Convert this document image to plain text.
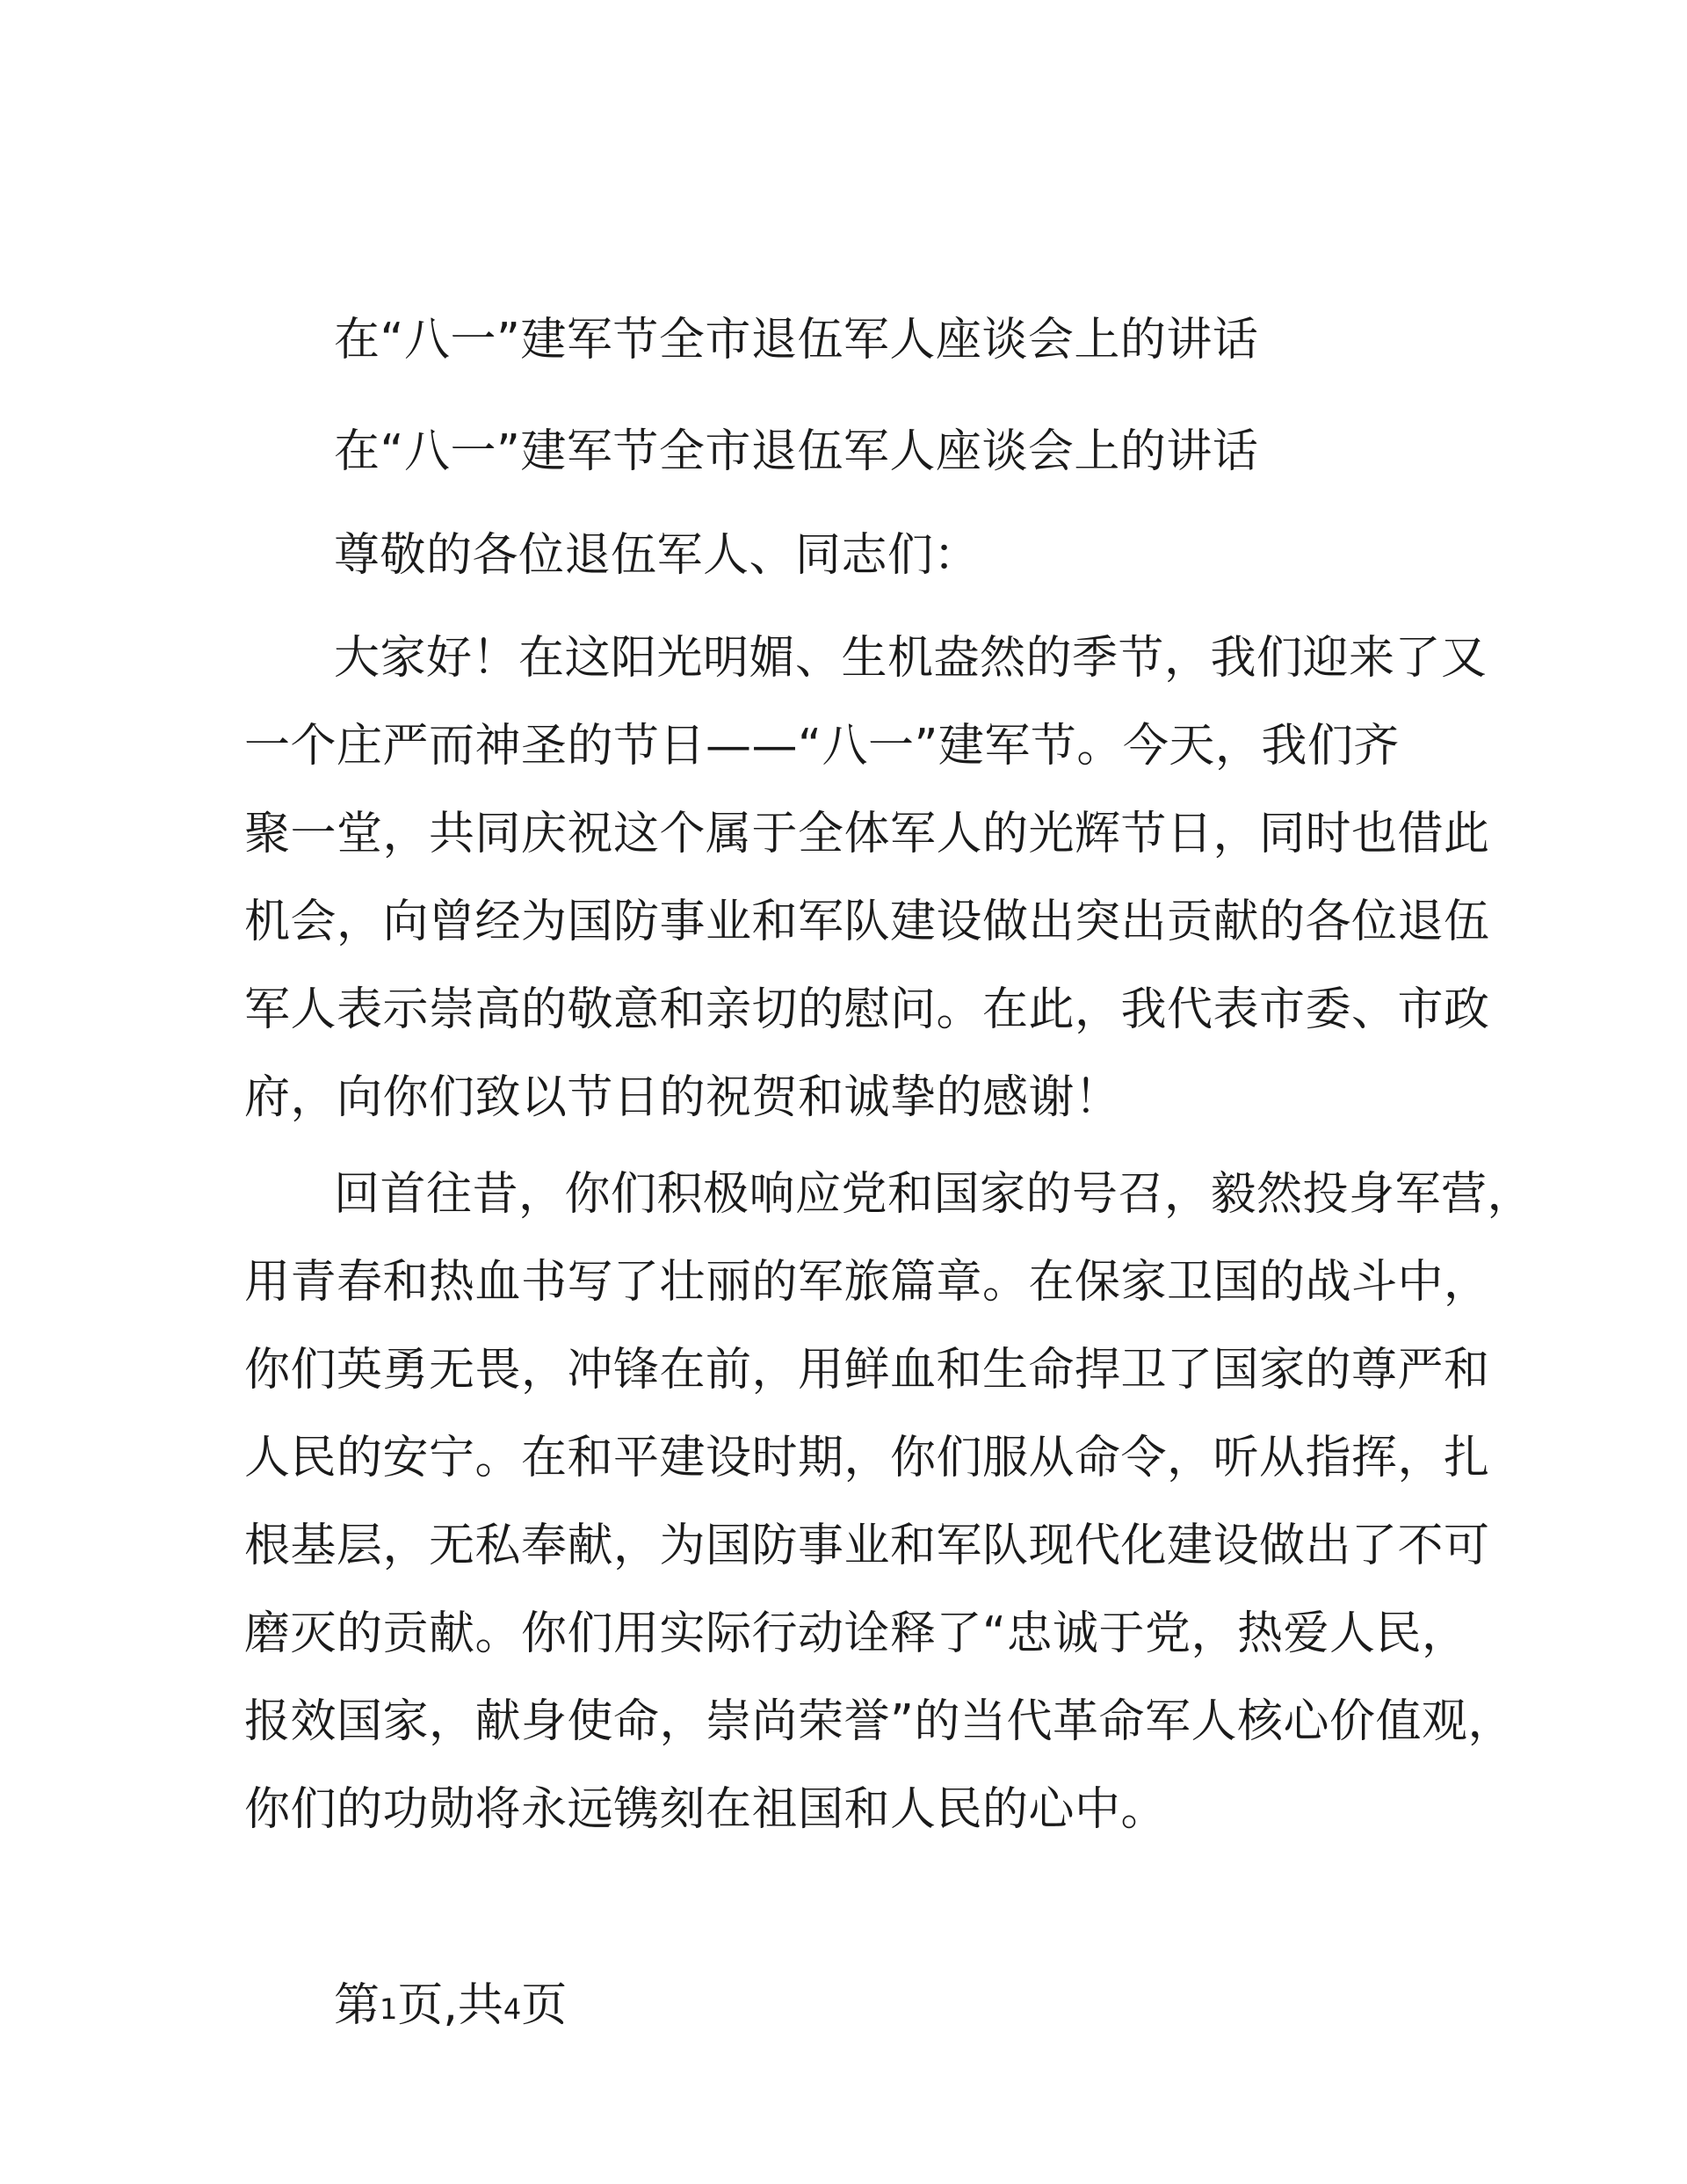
在“八一”建军节全市退伍军人座谈会上的讲话
在“八一”建军节全市退伍军人座谈会上的讲话
尊敬的各位退伍军人、同志们：
大家好！在这阳光明媚、生机盎然的季节，我们迎来了又
一个庄严而神圣的节日——“八一”建军节。今天，我们齐
聚一堂，共同庆祝这个属于全体军人的光辉节日，同时也借此
机会，向曾经为国防事业和军队建设做出突出贡献的各位退伍
军人表示崇高的敬意和亲切的慰问。在此，我代表市委、市政
府，向你们致以节日的祝贺和诚挚的感谢！
回首往昔，你们积极响应党和国家的号召，毅然投身军营，
用青春和热血书写了壮丽的军旅篇章。在保家卫国的战斗中，
你们英勇无畏，冲锋在前，用鲜血和生命捍卫了国家的尊严和
人民的安宁。在和平建设时期，你们服从命令，听从指挥，扎
根基层，无私奉献，为国防事业和军队现代化建设做出了不可
磨灭的贡献。你们用实际行动诠释了“忠诚于党，热爱人民，
报效国家，献身使命，崇尚荣誉”的当代革命军人核心价值观，
你们的功勋将永远镌刻在祖国和人民的心中。
第1页,共4页
